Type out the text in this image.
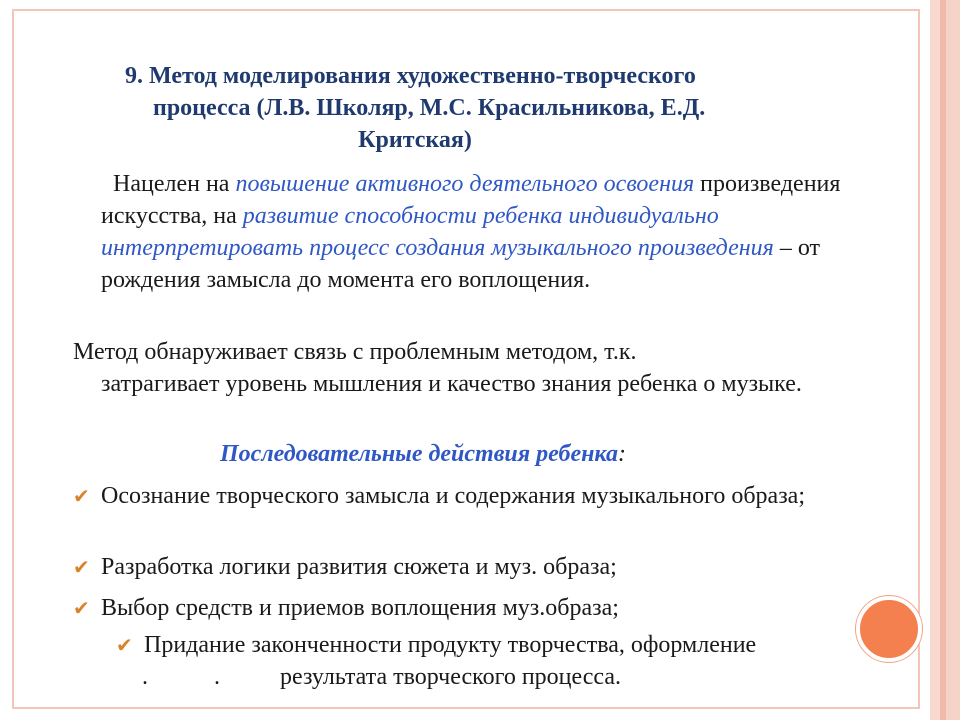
9. Метод моделирования художественно-творческого
процесса (Л.В. Школяр, М.С. Красильникова, Е.Д.
Критская)
Нацелен на повышение активного деятельного освоения произведения искусства, на развитие способности ребенка индивидуально интерпретировать процесс создания музыкального произведения – от рождения замысла до момента его воплощения.
Метод обнаруживает связь с проблемным методом, т.к.
затрагивает уровень мышления и качество знания ребенка о музыке.
Последовательные действия ребенка:
✔ Осознание творческого замысла и содержания музыкального образа;
✔ Разработка логики развития сюжета и муз. образа;
✔ Выбор средств и приемов воплощения муз.образа;
✔ Придание законченности продукту творчества, оформление
.           .          результата творческого процесса.
